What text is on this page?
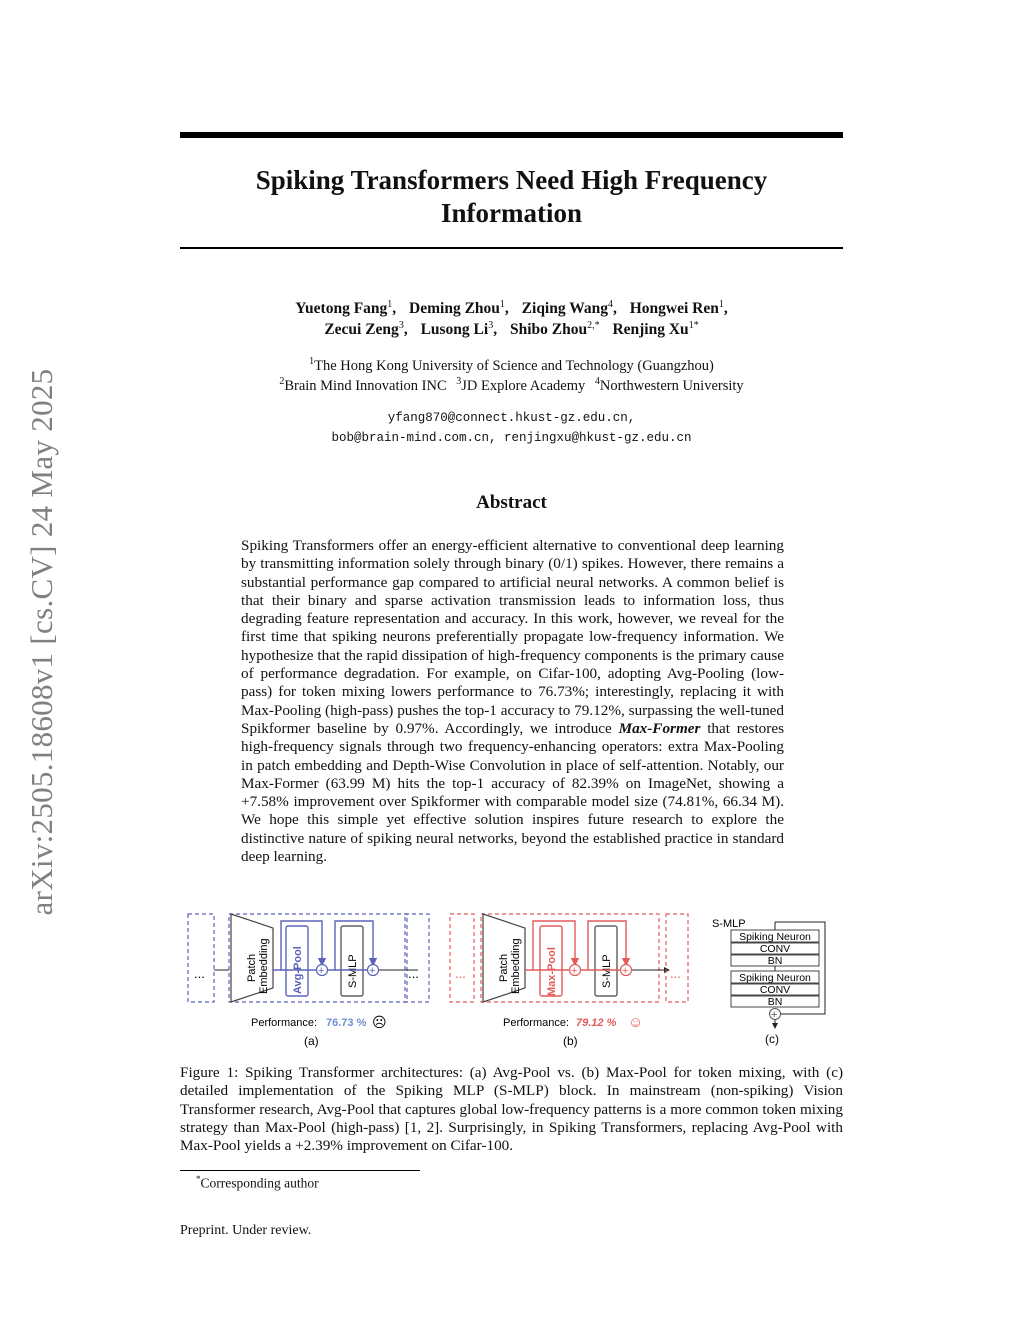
arXiv:2505.18608v1 [cs.CV] 24 May 2025
Spiking Transformers Need High Frequency
Information
Yuetong Fang$^1$, Deming Zhou$^1$, Ziqing Wang$^4$, Hongwei Ren$^1$,
Zecui Zeng$^3$, Lusong Li$^3$, Shibo Zhou$^{2,*}$ Renjing $Xu^{1*}$
$^1$The Hong Kong University of Science and Technology (Guangzhou)
$^2$Brain Mind Innovation INC $^3$JD Explore Academy $^4$Northwestern University
yfang870@connect.hkust-gz.edu.cn,
bob@brain-mind.com.cn, renjingxu@hkust-gz.edu.cn
Abstract
Spiking Transformers offer an energy-efficient alternative to conventional deep learning by transmitting information solely through binary (0/1) spikes. However, there remains a substantial performance gap compared to artificial neural networks. A common belief is that their binary and sparse activation transmission leads to information loss, thus degrading feature representation and accuracy. In this work, however, we reveal for the first time that spiking neurons preferentially propagate low-frequency information. We hypothesize that the rapid dissipation of high-frequency components is the primary cause of performance degradation. For example, on Cifar-100, adopting Avg-Pooling (low-pass) for token mixing lowers performance to 76.73%; interestingly, replacing it with Max-Pooling (high-pass) pushes the top-1 accuracy to 79.12%, surpassing the well-tuned Spikformer baseline by 0.97%. Accordingly, we introduce Max-Former that restores high-frequency signals through two frequency-enhancing operators: extra Max-Pooling in patch embedding and Depth-Wise Convolution in place of self-attention. Notably, our Max-Former (63.99 M) hits the top-1 accuracy of 82.39% on ImageNet, showing a +7.58% improvement over Spikformer with comparable model size (74.81%, 66.34 M). We hope this simple yet effective solution inspires future research to explore the distinctive nature of spiking neural networks, beyond the established practice in standard deep learning.
...	Patch Embedding Avg-Pool + S-MLP +	...
Performance: 76.73 % ☹
(a)
...	Patch Embedding Max-Pool + S-MLP +	...
Performance: 79.12 % ☺
(b)
S-MLP
Spiking Neuron
CONV
BN
Spiking Neuron
CONV
BN
+
(c)
Figure 1: Spiking Transformer architectures: (a) Avg-Pool vs. (b) Max-Pool for token mixing, with (c) detailed implementation of the Spiking MLP (S-MLP) block. In mainstream (non-spiking) Vision Transformer research, Avg-Pool that captures global low-frequency patterns is a more common token mixing strategy than Max-Pool (high-pass) [1, 2]. Surprisingly, in Spiking Transformers, replacing Avg-Pool with Max-Pool yields a +2.39% improvement on Cifar-100.
*Corresponding author
Preprint. Under review.
